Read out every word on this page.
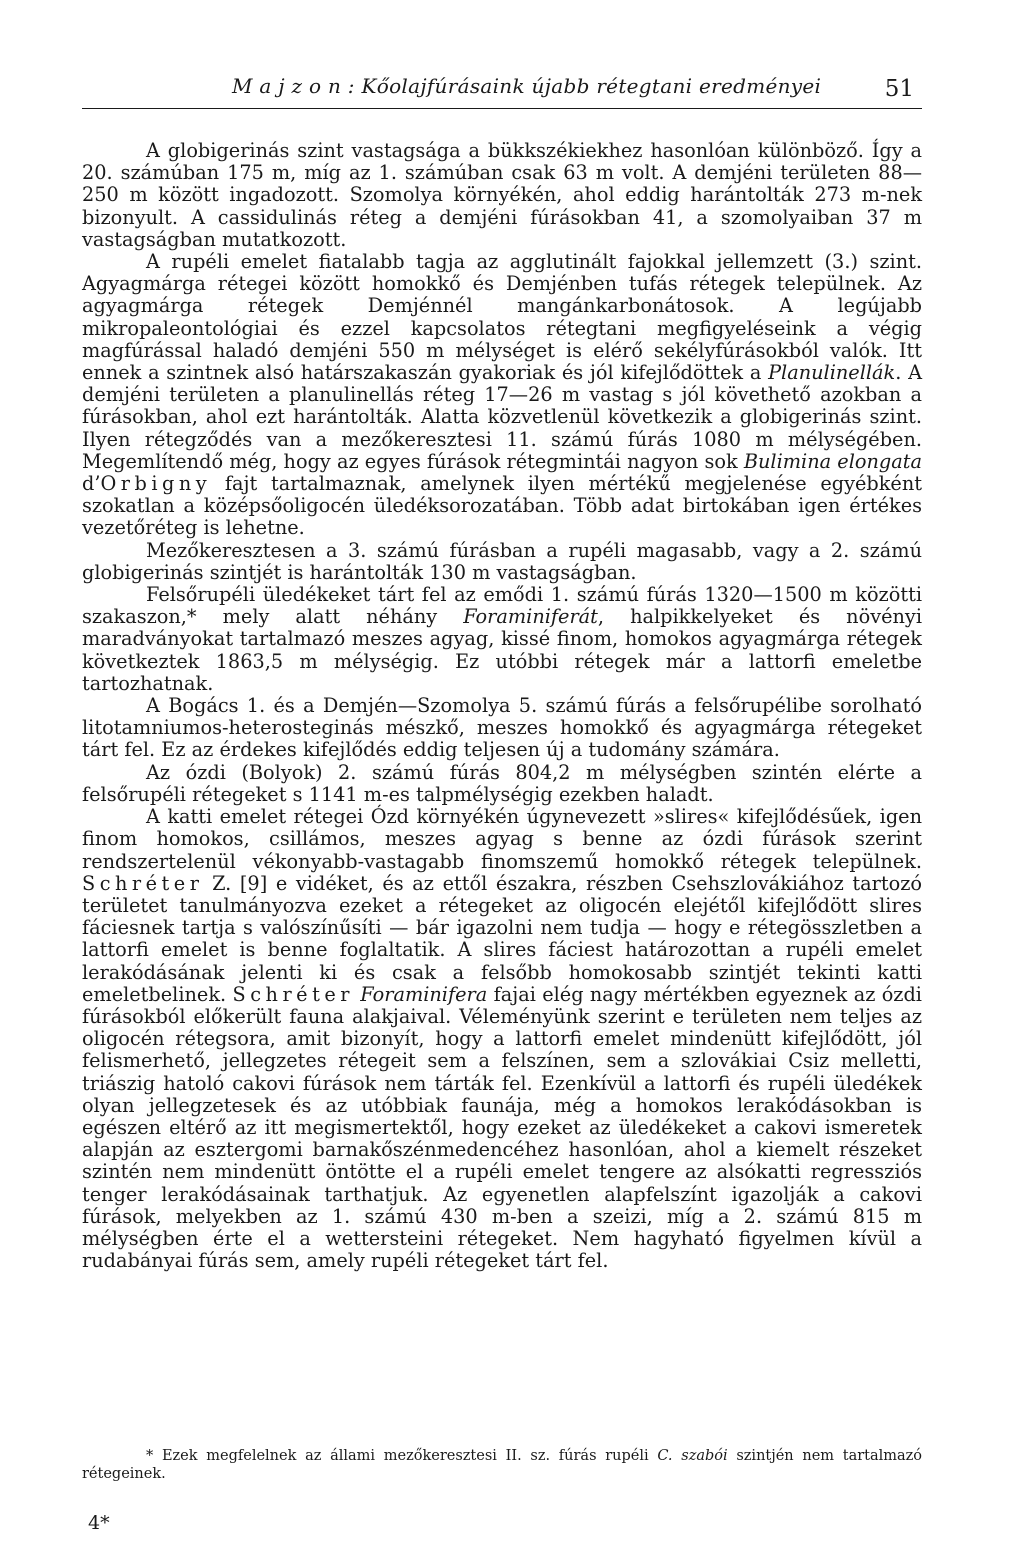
M a j z o n : Kőolajfúrásaink újabb rétegtani eredményei	51

A globigerinás szint vastagsága a bükkszékiekhez hasonlóan különböző. Így a 20. számúban 175 m, míg az 1. számúban csak 63 m volt. A demjéni területen 88—250 m között ingadozott. Szomolya környékén, ahol eddig harántolták 273 m-nek bizonyult. A cassidulinás réteg a demjéni fúrásokban 41, a szomolyaiban 37 m vastagságban mutatkozott.

A rupéli emelet fiatalabb tagja az agglutinált fajokkal jellemzett (3.) szint. Agyagmárga rétegei között homokkő és Demjénben tufás rétegek települnek. Az agyagmárga rétegek Demjénnél mangánkarbonátosok. A legújabb mikropaleontológiai és ezzel kapcsolatos rétegtani megfigyeléseink a végig magfúrással haladó demjéni 550 m mélységet is elérő sekélyfúrásokból valók. Itt ennek a szintnek alsó határszakaszán gyakoriak és jól kifejlődöttek a Planulinellák. A demjéni területen a planulinellás réteg 17—26 m vastag s jól követhető azokban a fúrásokban, ahol ezt harántolták. Alatta közvetlenül következik a globigerinás szint. Ilyen rétegződés van a mezőkeresztesi 11. számú fúrás 1080 m mélységében. Megemlítendő még, hogy az egyes fúrások rétegmintái nagyon sok Bulimina elongata d’Orbigny fajt tartalmaznak, amelynek ilyen mértékű megjelenése egyébként szokatlan a középsőoligocén üledéksorozatában. Több adat birtokában igen értékes vezetőréteg is lehetne.

Mezőkeresztesen a 3. számú fúrásban a rupéli magasabb, vagy a 2. számú globigerinás szintjét is harántolták 130 m vastagságban.

Felsőrupéli üledékeket tárt fel az emődi 1. számú fúrás 1320—1500 m közötti szakaszon,* mely alatt néhány Foraminiferát, halpikkelyeket és növényi maradványokat tartalmazó meszes agyag, kissé finom, homokos agyagmárga rétegek következtek 1863,5 m mélységig. Ez utóbbi rétegek már a lattorfi emeletbe tartozhatnak.

A Bogács 1. és a Demjén—Szomolya 5. számú fúrás a felsőrupélibe sorolható litotamniumos-heterosteginás mészkő, meszes homokkő és agyagmárga rétegeket tárt fel. Ez az érdekes kifejlődés eddig teljesen új a tudomány számára.

Az ózdi (Bolyok) 2. számú fúrás 804,2 m mélységben szintén elérte a felsőrupéli rétegeket s 1141 m-es talpmélységig ezekben haladt.

A katti emelet rétegei Ózd környékén úgynevezett »slires« kifejlődésűek, igen finom homokos, csillámos, meszes agyag s benne az ózdi fúrások szerint rendszertelenül vékonyabb-vastagabb finomszemű homokkő rétegek települnek. Schréter Z. [9] e vidéket, és az ettől északra, részben Csehszlovákiához tartozó területet tanulmányozva ezeket a rétegeket az oligocén elejétől kifejlődött slires fáciesnek tartja s valószínűsíti — bár igazolni nem tudja — hogy e rétegösszletben a lattorfi emelet is benne foglaltatik. A slires fáciest határozottan a rupéli emelet lerakódásának jelenti ki és csak a felsőbb homokosabb szintjét tekinti katti emeletbelinek. Schréter Foraminifera fajai elég nagy mértékben egyeznek az ózdi fúrásokból előkerült fauna alakjaival. Véleményünk szerint e területen nem teljes az oligocén rétegsora, amit bizonyít, hogy a lattorfi emelet mindenütt kifejlődött, jól felismerhető, jellegzetes rétegeit sem a felszínen, sem a szlovákiai Csiz melletti, triászig hatoló cakovi fúrások nem tárták fel. Ezenkívül a lattorfi és rupéli üledékek olyan jellegzetesek és az utóbbiak faunája, még a homokos lerakódásokban is egészen eltérő az itt megismertektől, hogy ezeket az üledékeket a cakovi ismeretek alapján az esztergomi barnakőszénmedencéhez hasonlóan, ahol a kiemelt részeket szintén nem mindenütt öntötte el a rupéli emelet tengere az alsókatti regressziós tenger lerakódásainak tarthatjuk. Az egyenetlen alapfelszínt igazolják a cakovi fúrások, melyekben az 1. számú 430 m-ben a szeizi, míg a 2. számú 815 m mélységben érte el a wettersteini rétegeket. Nem hagyható figyelmen kívül a rudabányai fúrás sem, amely rupéli rétegeket tárt fel.

* Ezek megfelelnek az állami mezőkeresztesi II. sz. fúrás rupéli C. szabói szintjén nem tartalmazó rétegeinek.

4*
